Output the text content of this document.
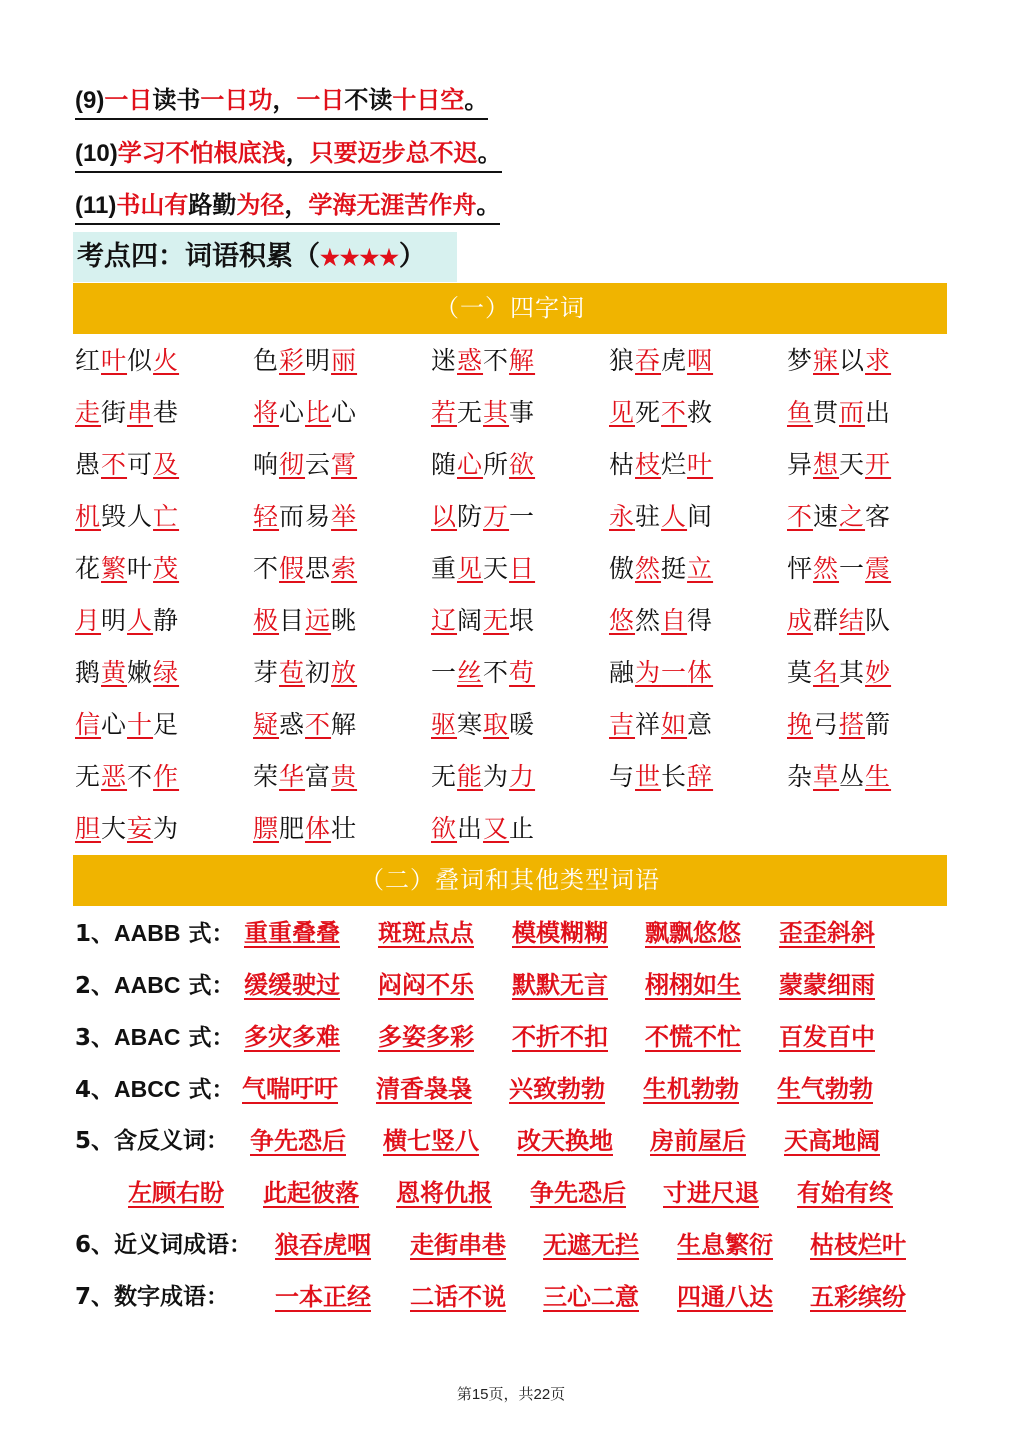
(9)一日读书一日功，一日不读十日空。
(10)学习不怕根底浅，只要迈步总不迟。
(11)书山有路勤为径，学海无涯苦作舟。
考点四：词语积累（★★★★）
（一）四字词
红叶似火	色彩明丽	迷惑不解	狼吞虎咽	梦寐以求
走街串巷	将心比心	若无其事	见死不救	鱼贯而出
愚不可及	响彻云霄	随心所欲	枯枝烂叶	异想天开
机毁人亡	轻而易举	以防万一	永驻人间	不速之客
花繁叶茂	不假思索	重见天日	傲然挺立	怦然一震
月明人静	极目远眺	辽阔无垠	悠然自得	成群结队
鹅黄嫩绿	芽苞初放	一丝不苟	融为一体	莫名其妙
信心十足	疑惑不解	驱寒取暖	吉祥如意	挽弓搭箭
无恶不作	荣华富贵	无能为力	与世长辞	杂草丛生
胆大妄为	膘肥体壮	欲出又止
（二）叠词和其他类型词语
1、AABB 式： 重重叠叠 斑斑点点 模模糊糊 飘飘悠悠 歪歪斜斜
2、AABC 式： 缓缓驶过 闷闷不乐 默默无言 栩栩如生 蒙蒙细雨
3、ABAC 式： 多灾多难 多姿多彩 不折不扣 不慌不忙 百发百中
4、ABCC 式： 气喘吁吁 清香袅袅 兴致勃勃 生机勃勃 生气勃勃
5、含反义词： 争先恐后 横七竖八 改天换地 房前屋后 天高地阔
左顾右盼 此起彼落 恩将仇报 争先恐后 寸进尺退 有始有终
6、近义词成语： 狼吞虎咽 走街串巷 无遮无拦 生息繁衍 枯枝烂叶
7、数字成语： 一本正经 二话不说 三心二意 四通八达 五彩缤纷
第15页，共22页
